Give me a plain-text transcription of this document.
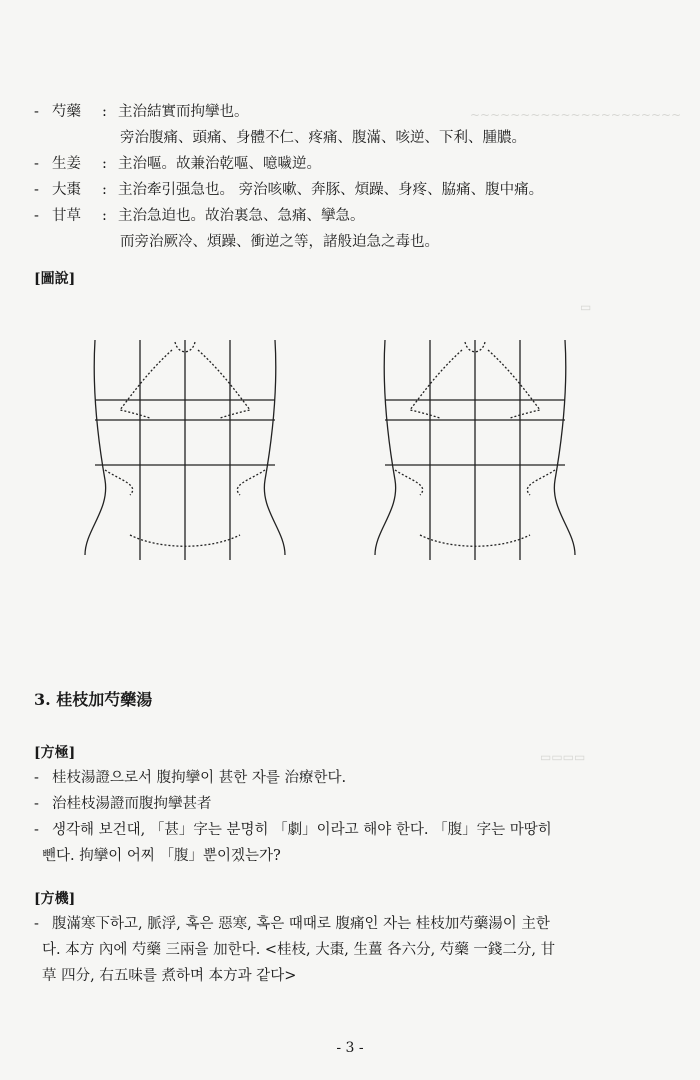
~~~~~~~~~~~~~~~~~~~~~
▭
▭▭▭▭
- 芍藥 : 主治結實而拘攣也。
旁治腹痛、頭痛、身體不仁、疼痛、腹滿、咳逆、下利、腫膿。
- 生姜 : 主治嘔。故兼治乾嘔、噫噦逆。
- 大棗 : 主治牽引强急也。 旁治咳嗽、奔豚、煩躁、身疼、脇痛、腹中痛。
- 甘草 : 主治急迫也。故治裏急、急痛、攣急。
而旁治厥冷、煩躁、衝逆之等，諸般迫急之毒也。
[圖說]
3. 桂枝加芍藥湯
[方極]
- 桂枝湯證으로서 腹拘攣이 甚한 자를 治療한다.
- 治桂枝湯證而腹拘攣甚者
- 생각해 보건대, 「甚」字는 분명히 「劇」이라고 해야 한다. 「腹」字는 마땅히
뺀다. 拘攣이 어찌 「腹」뿐이겠는가?
[方機]
- 腹滿寒下하고, 脈浮, 혹은 惡寒, 혹은 때때로 腹痛인 자는 桂枝加芍藥湯이 主한
다. 本方 內에 芍藥 三兩을 加한다. <桂枝, 大棗, 生薑 各六分, 芍藥 一錢二分, 甘
草 四分, 右五味를 煮하며 本方과 같다>
- 3 -
